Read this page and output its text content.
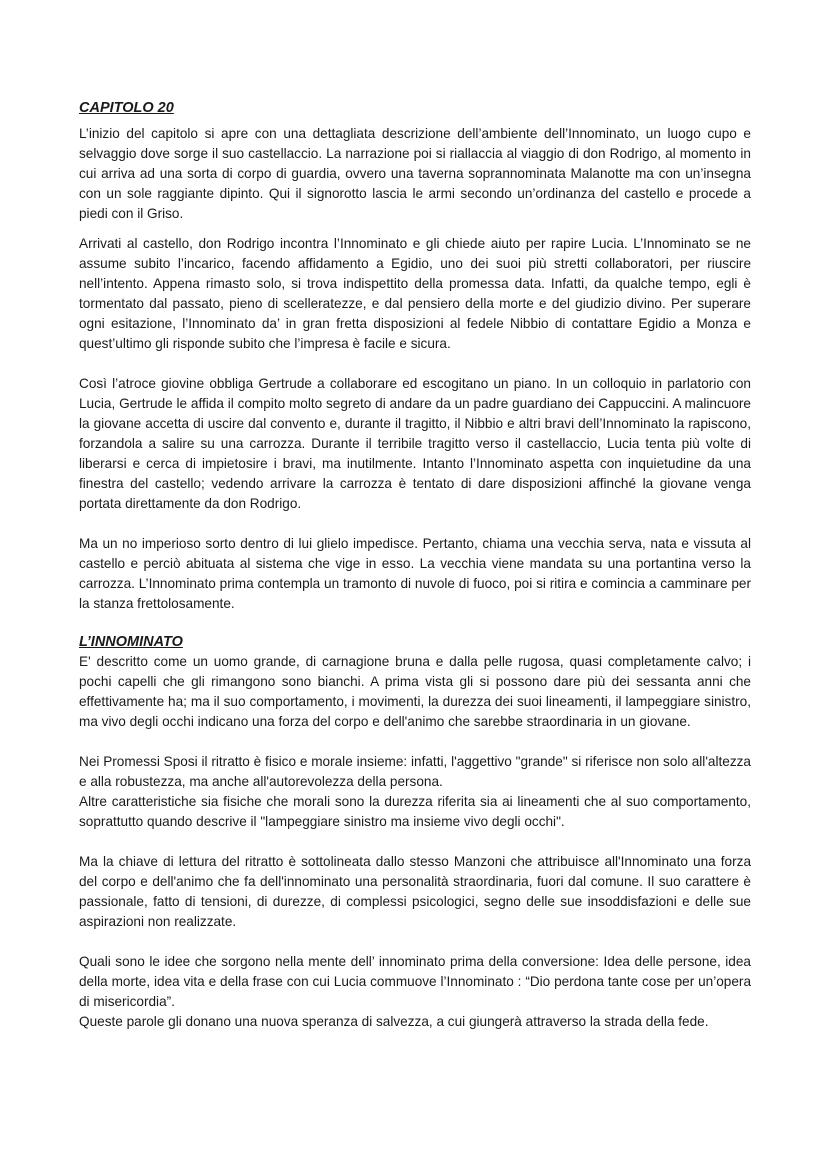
CAPITOLO 20

L’inizio del capitolo si apre con una dettagliata descrizione dell’ambiente dell’Innominato, un luogo cupo e selvaggio dove sorge il suo castellaccio. La narrazione poi si riallaccia al viaggio di don Rodrigo, al momento in cui arriva ad una sorta di corpo di guardia, ovvero una taverna soprannominata Malanotte ma con un’insegna con un sole raggiante dipinto. Qui il signorotto lascia le armi secondo un’ordinanza del castello e procede a piedi con il Griso.

Arrivati al castello, don Rodrigo incontra l’Innominato e gli chiede aiuto per rapire Lucia. L’Innominato se ne assume subito l’incarico, facendo affidamento a Egidio, uno dei suoi più stretti collaboratori, per riuscire nell’intento. Appena rimasto solo, si trova indispettito della promessa data. Infatti, da qualche tempo, egli è tormentato dal passato, pieno di scelleratezze, e dal pensiero della morte e del giudizio divino. Per superare ogni esitazione, l’Innominato da’ in gran fretta disposizioni al fedele Nibbio di contattare Egidio a Monza e quest’ultimo gli risponde subito che l’impresa è facile e sicura.

Così l’atroce giovine obbliga Gertrude a collaborare ed escogitano un piano. In un colloquio in parlatorio con Lucia, Gertrude le affida il compito molto segreto di andare da un padre guardiano dei Cappuccini. A malincuore la giovane accetta di uscire dal convento e, durante il tragitto, il Nibbio e altri bravi dell’Innominato la rapiscono, forzandola a salire su una carrozza. Durante il terribile tragitto verso il castellaccio, Lucia tenta più volte di liberarsi e cerca di impietosire i bravi, ma inutilmente. Intanto l’Innominato aspetta con inquietudine da una finestra del castello; vedendo arrivare la carrozza è tentato di dare disposizioni affinché la giovane venga portata direttamente da don Rodrigo.

Ma un no imperioso sorto dentro di lui glielo impedisce. Pertanto, chiama una vecchia serva, nata e vissuta al castello e perciò abituata al sistema che vige in esso. La vecchia viene mandata su una portantina verso la carrozza. L’Innominato prima contempla un tramonto di nuvole di fuoco, poi si ritira e comincia a camminare per la stanza frettolosamente.

L’INNOMINATO

E' descritto come un uomo grande, di carnagione bruna e dalla pelle rugosa, quasi completamente calvo; i pochi capelli che gli rimangono sono bianchi. A prima vista gli si possono dare più dei sessanta anni che effettivamente ha; ma il suo comportamento, i movimenti, la durezza dei suoi lineamenti, il lampeggiare sinistro, ma vivo degli occhi indicano una forza del corpo e dell'animo che sarebbe straordinaria in un giovane.

Nei Promessi Sposi il ritratto è fisico e morale insieme: infatti, l'aggettivo "grande" si riferisce non solo all'altezza e alla robustezza, ma anche all'autorevolezza della persona.

Altre caratteristiche sia fisiche che morali sono la durezza riferita sia ai lineamenti che al suo comportamento, soprattutto quando descrive il "lampeggiare sinistro ma insieme vivo degli occhi".

Ma la chiave di lettura del ritratto è sottolineata dallo stesso Manzoni che attribuisce all'Innominato una forza del corpo e dell'animo che fa dell'innominato una personalità straordinaria, fuori dal comune. Il suo carattere è passionale, fatto di tensioni, di durezze, di complessi psicologici, segno delle sue insoddisfazioni e delle sue aspirazioni non realizzate.

Quali sono le idee che sorgono nella mente dell’ innominato prima della conversione: Idea delle persone, idea della morte, idea vita e della frase con cui Lucia commuove l’Innominato : “Dio perdona tante cose per un’opera di misericordia”.

Queste parole gli donano una nuova speranza di salvezza, a cui giungerà attraverso la strada della fede.
